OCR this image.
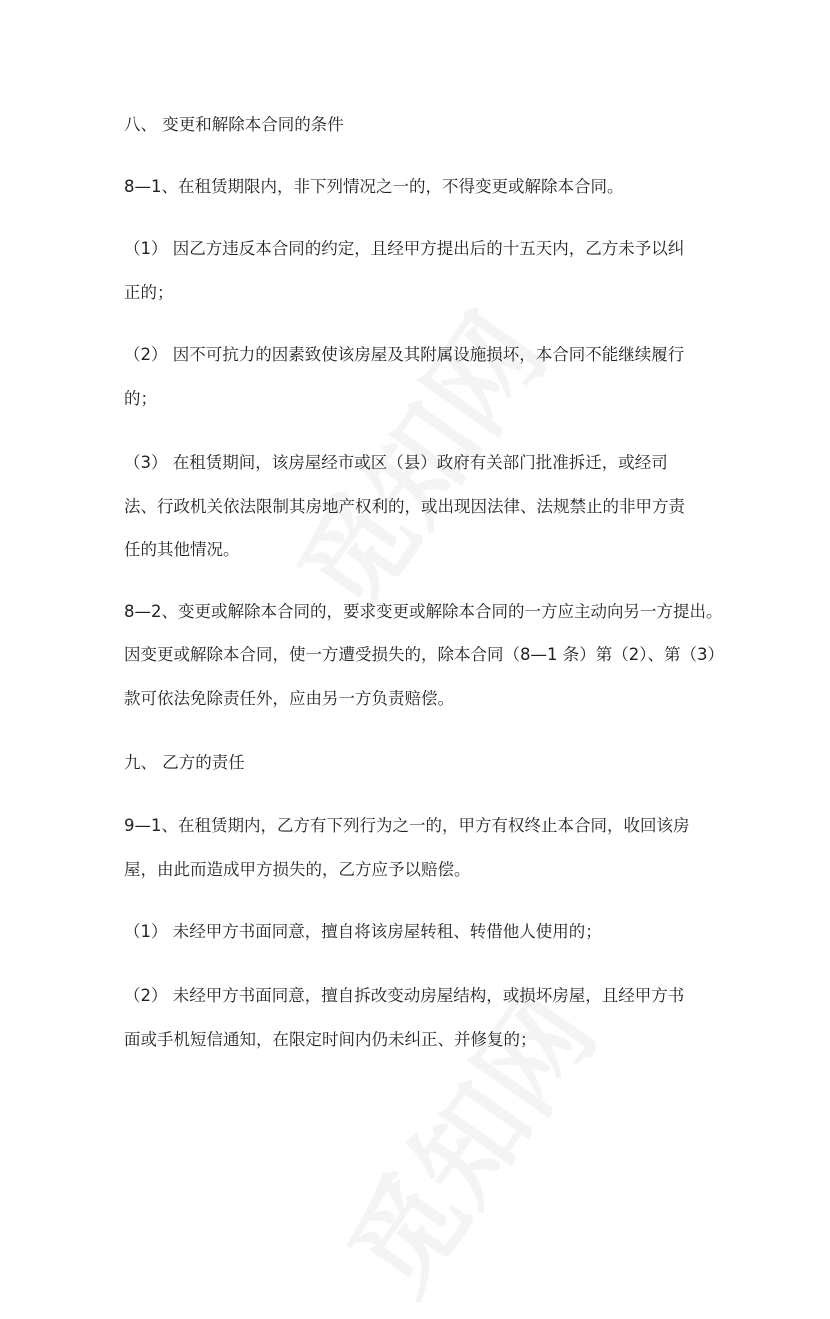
八、 变更和解除本合同的条件
8—1、在租赁期限内，非下列情况之一的，不得变更或解除本合同。
（1） 因乙方违反本合同的约定，且经甲方提出后的十五天内，乙方未予以纠
正的；
（2） 因不可抗力的因素致使该房屋及其附属设施损坏，本合同不能继续履行
的；
（3） 在租赁期间，该房屋经市或区（县）政府有关部门批准拆迁，或经司
法、行政机关依法限制其房地产权利的，或出现因法律、法规禁止的非甲方责
任的其他情况。
8—2、变更或解除本合同的，要求变更或解除本合同的一方应主动向另一方提出。
因变更或解除本合同，使一方遭受损失的，除本合同（8—1 条）第（2）、第（3）
款可依法免除责任外，应由另一方负责赔偿。
九、 乙方的责任
9—1、在租赁期内，乙方有下列行为之一的，甲方有权终止本合同，收回该房
屋，由此而造成甲方损失的，乙方应予以赔偿。
（1） 未经甲方书面同意，擅自将该房屋转租、转借他人使用的；
（2） 未经甲方书面同意，擅自拆改变动房屋结构，或损坏房屋，且经甲方书
面或手机短信通知，在限定时间内仍未纠正、并修复的；
